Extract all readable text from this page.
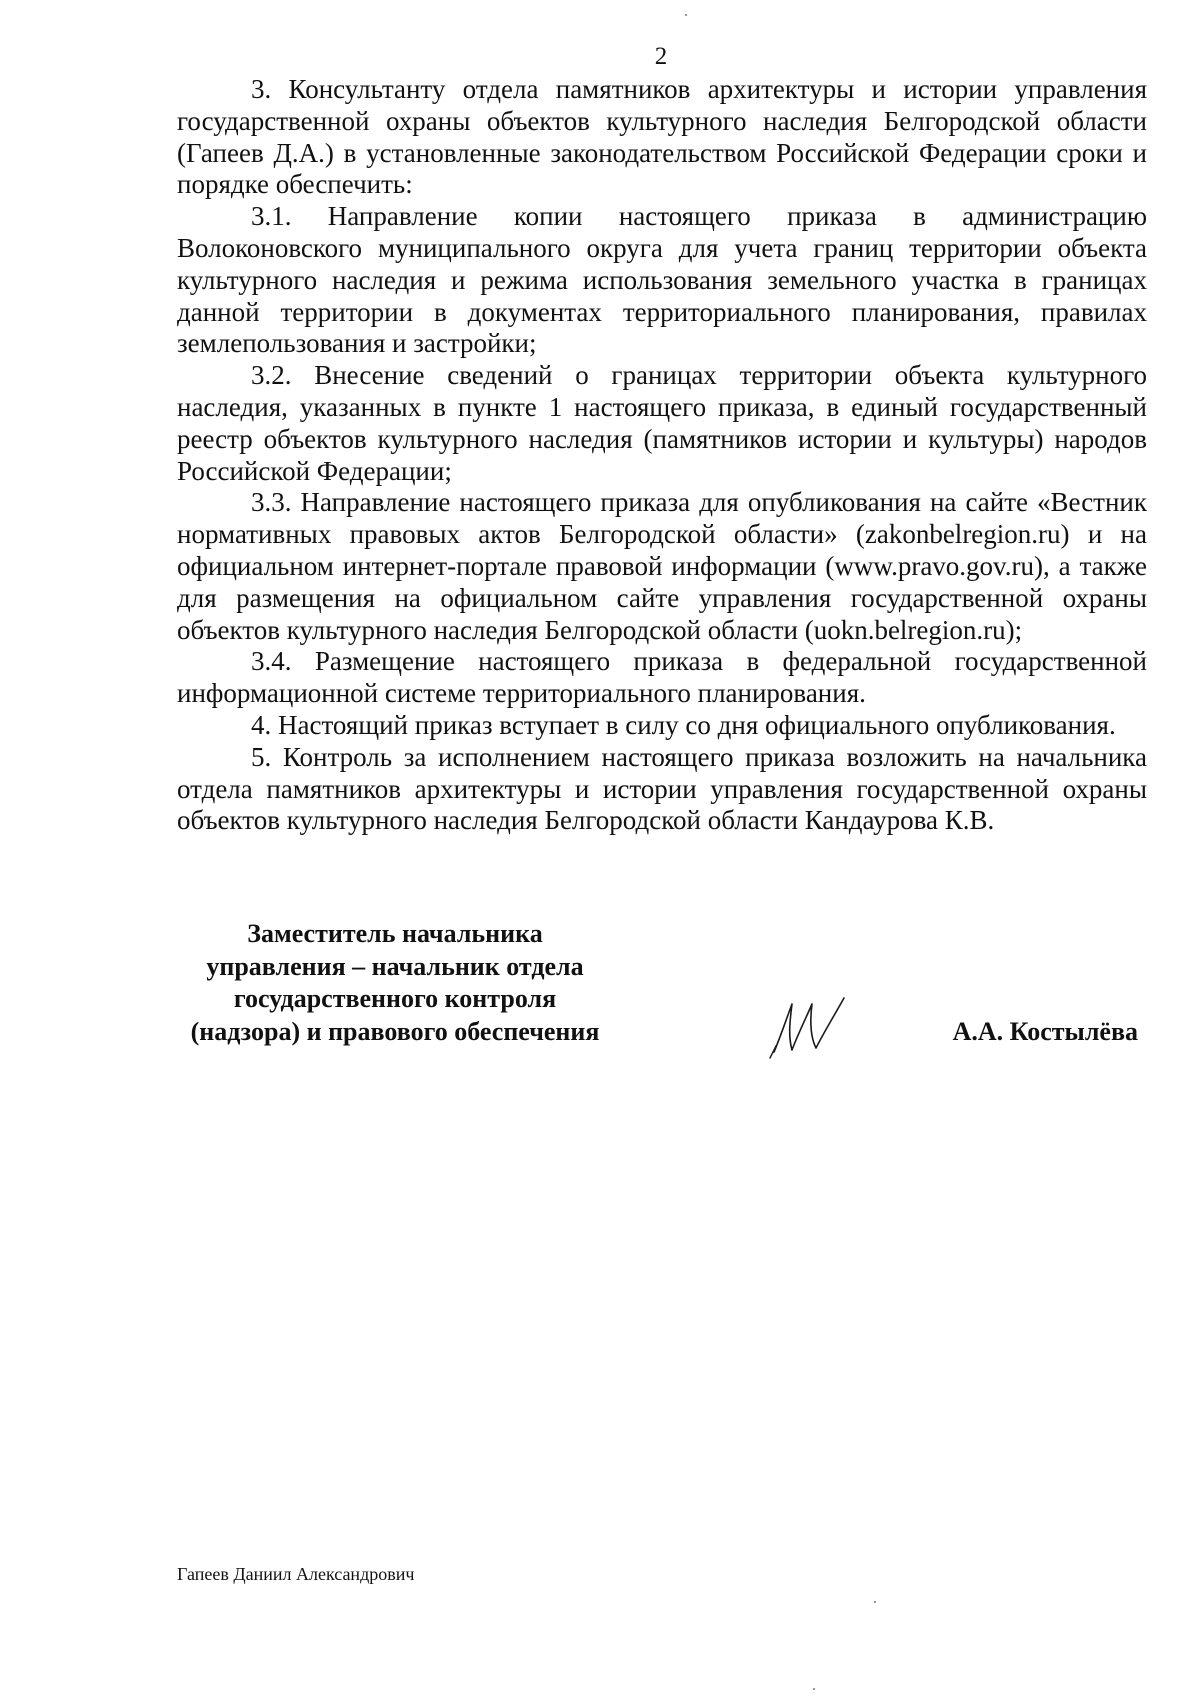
2

3. Консультанту отдела памятников архитектуры и истории управления государственной охраны объектов культурного наследия Белгородской области (Гапеев Д.А.) в установленные законодательством Российской Федерации сроки и порядке обеспечить:

3.1. Направление копии настоящего приказа в администрацию Волоконовского муниципального округа для учета границ территории объекта культурного наследия и режима использования земельного участка в границах данной территории в документах территориального планирования, правилах землепользования и застройки;

3.2. Внесение сведений о границах территории объекта культурного наследия, указанных в пункте 1 настоящего приказа, в единый государственный реестр объектов культурного наследия (памятников истории и культуры) народов Российской Федерации;

3.3. Направление настоящего приказа для опубликования на сайте «Вестник нормативных правовых актов Белгородской области» (zakonbelregion.ru) и на официальном интернет-портале правовой информации (www.pravo.gov.ru), а также для размещения на официальном сайте управления государственной охраны объектов культурного наследия Белгородской области (uokn.belregion.ru);

3.4. Размещение настоящего приказа в федеральной государственной информационной системе территориального планирования.

4. Настоящий приказ вступает в силу со дня официального опубликования.

5. Контроль за исполнением настоящего приказа возложить на начальника отдела памятников архитектуры и истории управления государственной охраны объектов культурного наследия Белгородской области Кандаурова К.В.

Заместитель начальника
управления – начальник отдела
государственного контроля
(надзора) и правового обеспечения	А.А. Костылёва
Гапеев Даниил Александрович
